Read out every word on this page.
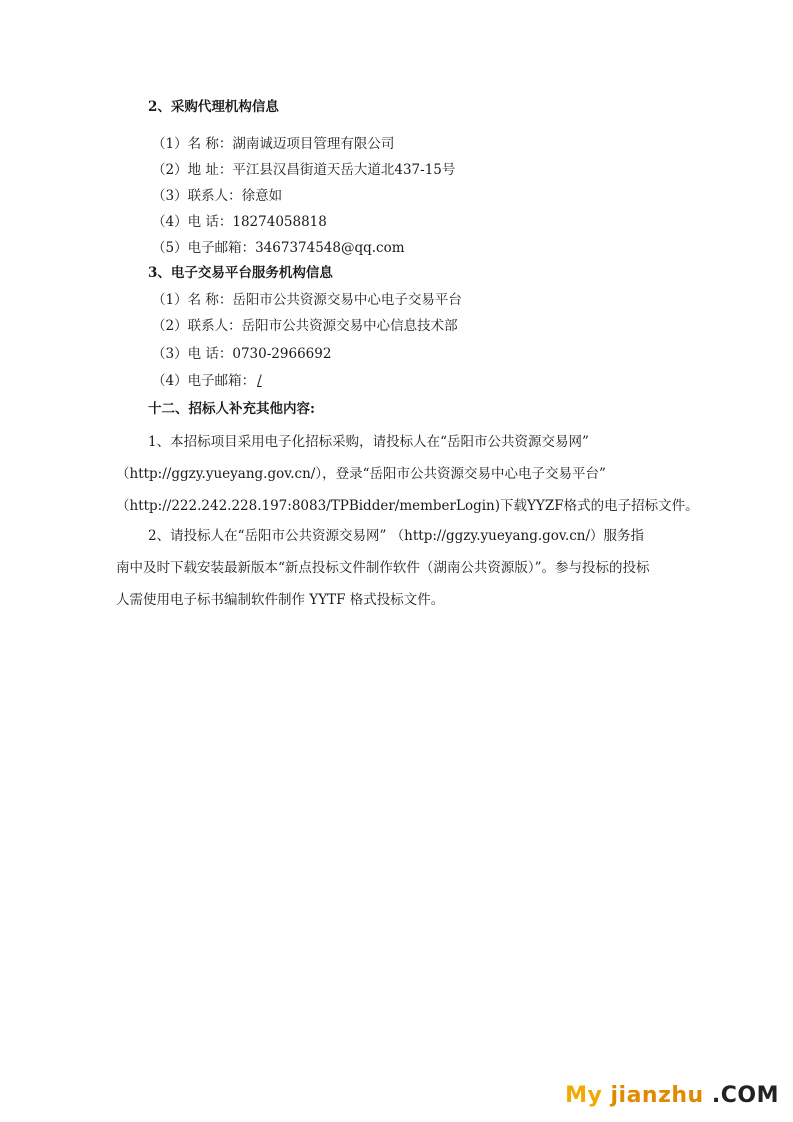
2、采购代理机构信息
（1）名 称：湖南诚迈项目管理有限公司
（2）地 址：平江县汉昌街道天岳大道北437-15号
（3）联系人：徐意如
（4）电 话：18274058818
（5）电子邮箱：3467374548@qq.com
3、电子交易平台服务机构信息
（1）名 称：岳阳市公共资源交易中心电子交易平台
（2）联系人：岳阳市公共资源交易中心信息技术部
（3）电 话：0730-2966692
（4）电子邮箱：/
十二、招标人补充其他内容:
1、本招标项目采用电子化招标采购，请投标人在“岳阳市公共资源交易网”
（http://ggzy.yueyang.gov.cn/），登录“岳阳市公共资源交易中心电子交易平台”
（http://222.242.228.197:8083/TPBidder/memberLogin)下载YYZF格式的电子招标文件。
2、请投标人在“岳阳市公共资源交易网” （http://ggzy.yueyang.gov.cn/）服务指
南中及时下载安装最新版本“新点投标文件制作软件（湖南公共资源版）”。参与投标的投标
人需使用电子标书编制软件制作 YYTF 格式投标文件。
My jianzhu .COM
